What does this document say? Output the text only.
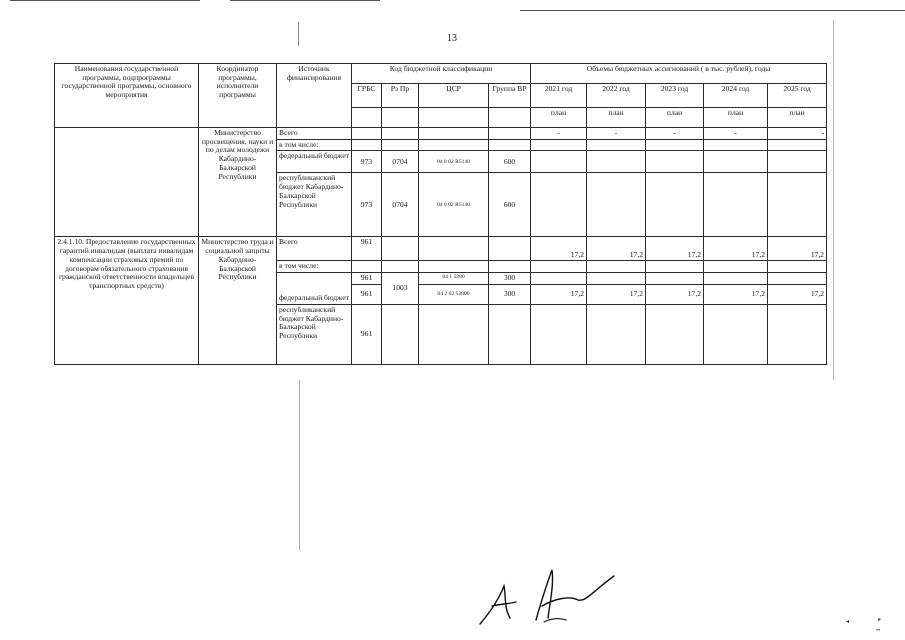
13
Наименования государственной программы, подпрограммы государственной программы, основного мероприятия	Координатор программы, исполнители программы	Источник финансирования	Код бюджетной классификации				Объемы бюджетных ассигнований ( в тыс. рублей), годы				
			ГРБС	Рз Пр	ЦСР	Группа ВР	2021 год	2022 год	2023 год	2024 год	2025 год
							план	план	план	план	план
	Министерство просвещения, науки и по делам молодежи Кабардино-Балкарской Республики	Всего					-	-	-	-	-
		в том числе:									
		федеральный бюджет	973	0704	04 0 02 R5140	600					
		республиканский бюджет Кабардино-Балкарской Республики	973	0704	04 0 02 R5140	600					
2.4.1.10. Предоставление государственных гарантий инвалидам (выплата инвалидам компенсации страховых премий по договорам обязательного страхования гражданской ответственности владельцев транспортных средств)	Министерство труда и социальной защиты Кабардино-Балкарской Республики	Всего	961				17,2	17,2	17,2	17,2	17,2
		в том числе:									
		федеральный бюджет	961	1003	04 1 5280	300					
			961		04 2 02 52800	300	17,2	17,2	17,2	17,2	17,2
		республиканский бюджет Кабардино-Балкарской Республики	961								
◂	▸
••
